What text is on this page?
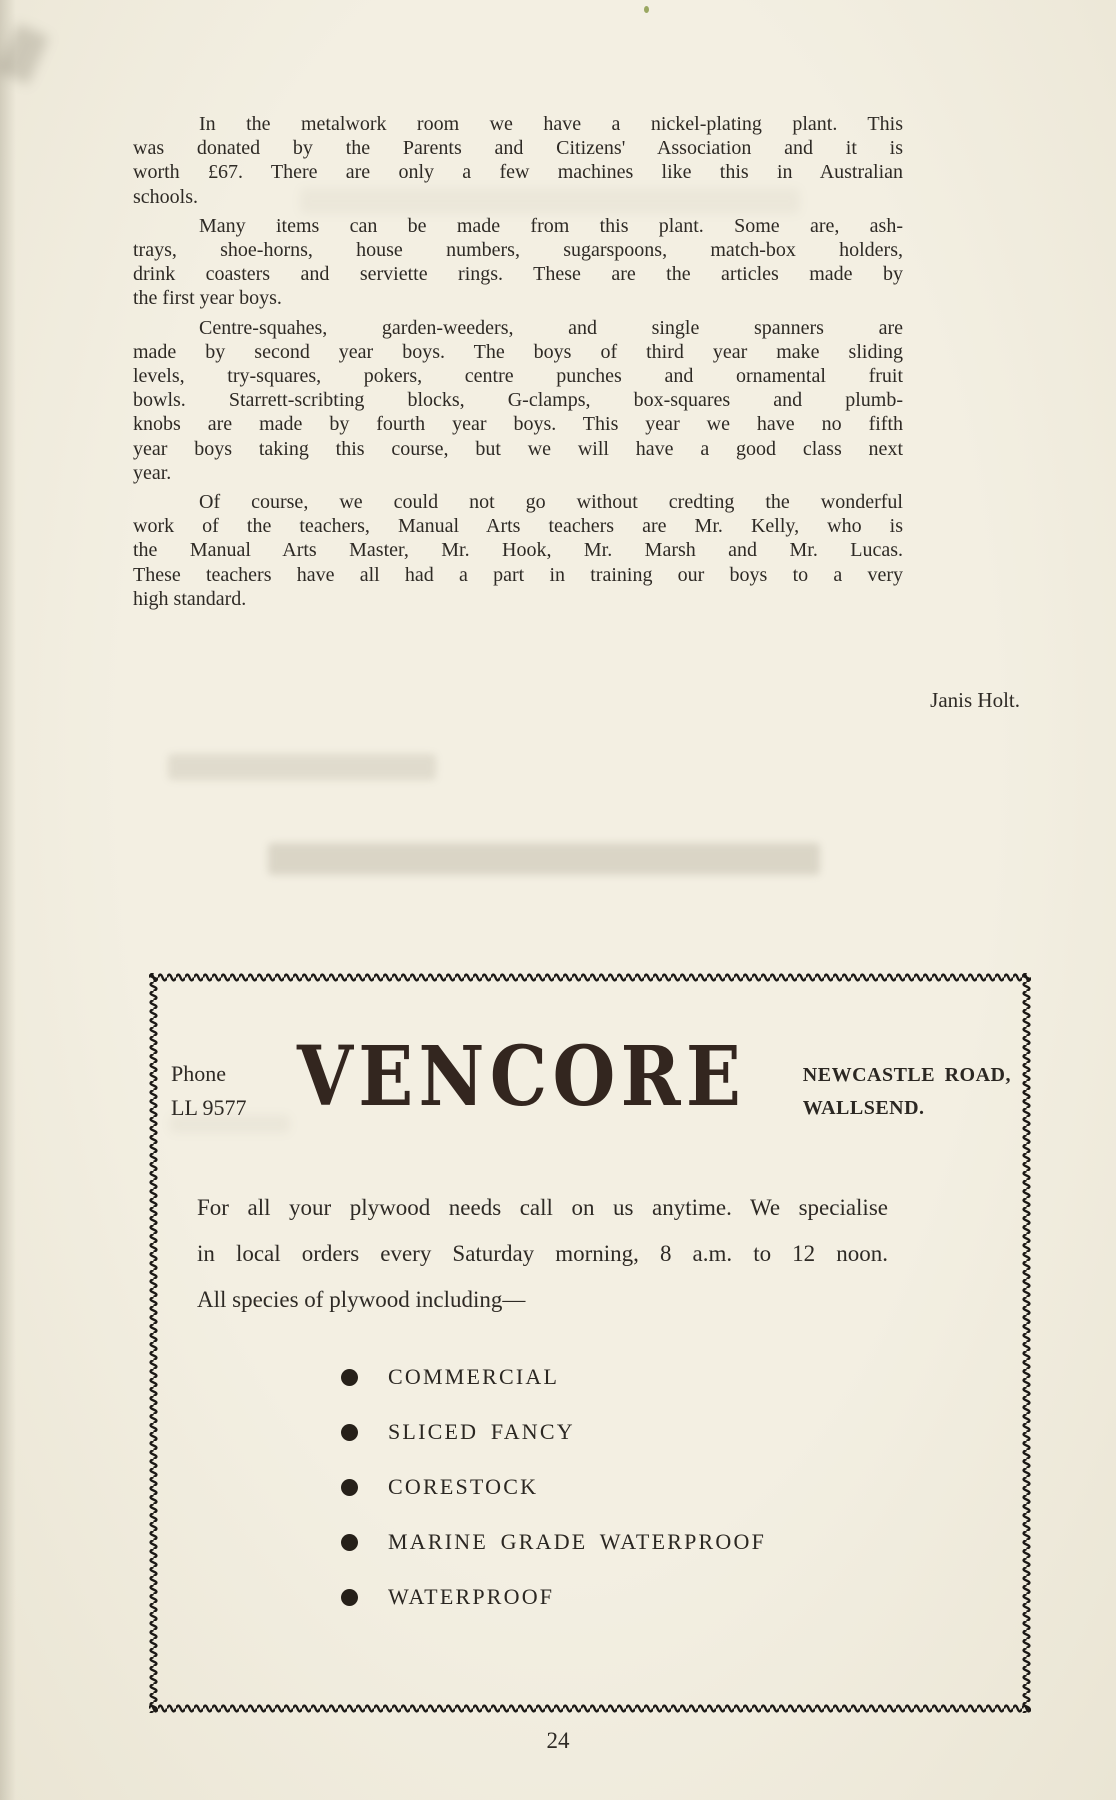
In the metalwork room we have a nickel-plating plant. This
was donated by the Parents and Citizens' Association and it is
worth £67. There are only a few machines like this in Australian
schools.
Many items can be made from this plant. Some are, ash-
trays, shoe-horns, house numbers, sugarspoons, match-box holders,
drink coasters and serviette rings. These are the articles made by
the first year boys.
Centre-squahes, garden-weeders, and single spanners are
made by second year boys. The boys of third year make sliding
levels, try-squares, pokers, centre punches and ornamental fruit
bowls. Starrett-scribting blocks, G-clamps, box-squares and plumb-
knobs are made by fourth year boys. This year we have no fifth
year boys taking this course, but we will have a good class next
year.
Of course, we could not go without credting the wonderful
work of the teachers, Manual Arts teachers are Mr. Kelly, who is
the Manual Arts Master, Mr. Hook, Mr. Marsh and Mr. Lucas.
These teachers have all had a part in training our boys to a very
high standard.
Janis Holt.
Phone
LL 9577 VENCORE	NEWCASTLE ROAD,
WALLSEND.
For all your plywood needs call on us anytime. We specialise
in local orders every Saturday morning, 8 a.m. to 12 noon.
All species of plywood including—
COMMERCIAL
SLICED FANCY
CORESTOCK
MARINE GRADE WATERPROOF
WATERPROOF
24
